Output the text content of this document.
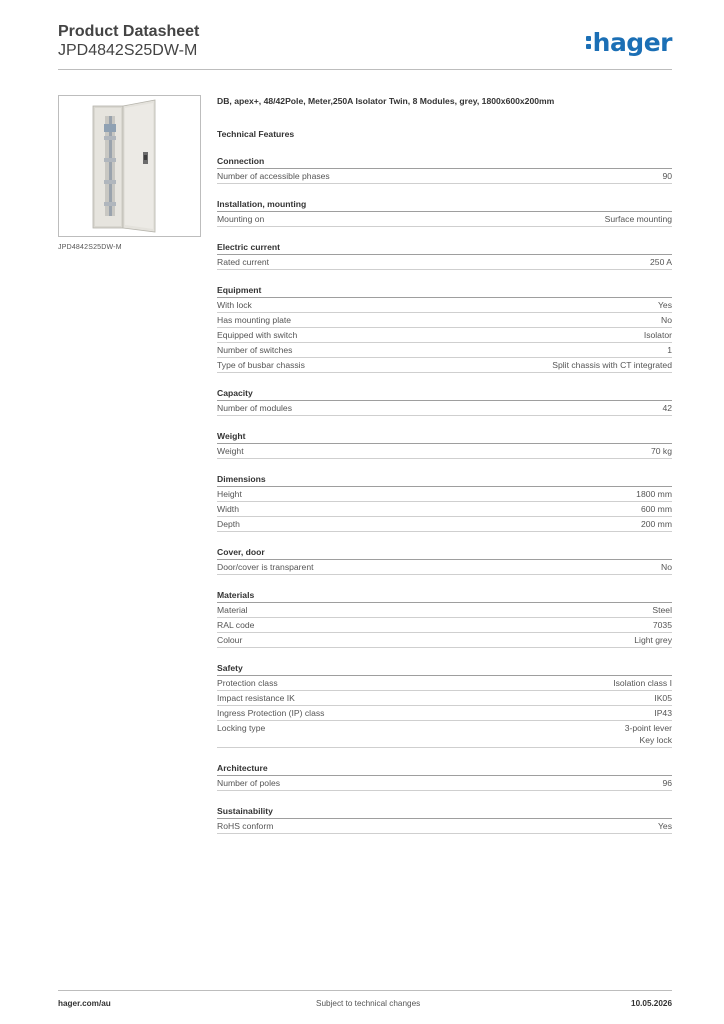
Product Datasheet
JPD4842S25DW-M	hager
JPD4842S25DW-M
DB, apex+, 48/42Pole, Meter,250A Isolator Twin, 8 Modules, grey, 1800x600x200mm
Technical Features
Connection
Number of accessible phases	90
Installation, mounting
Mounting on	Surface mounting
Electric current
Rated current	250 A
Equipment
With lock	Yes
Has mounting plate	No
Equipped with switch	Isolator
Number of switches	1
Type of busbar chassis	Split chassis with CT integrated
Capacity
Number of modules	42
Weight
Weight	70 kg
Dimensions
Height	1800 mm
Width	600 mm
Depth	200 mm
Cover, door
Door/cover is transparent	No
Materials
Material	Steel
RAL code	7035
Colour	Light grey
Safety
Protection class	Isolation class I
Impact resistance IK	IK05
Ingress Protection (IP) class	IP43
Locking type	3-point lever
Key lock
Architecture
Number of poles	96
Sustainability
RoHS conform	Yes
hager.com/au	Subject to technical changes	10.05.2026
